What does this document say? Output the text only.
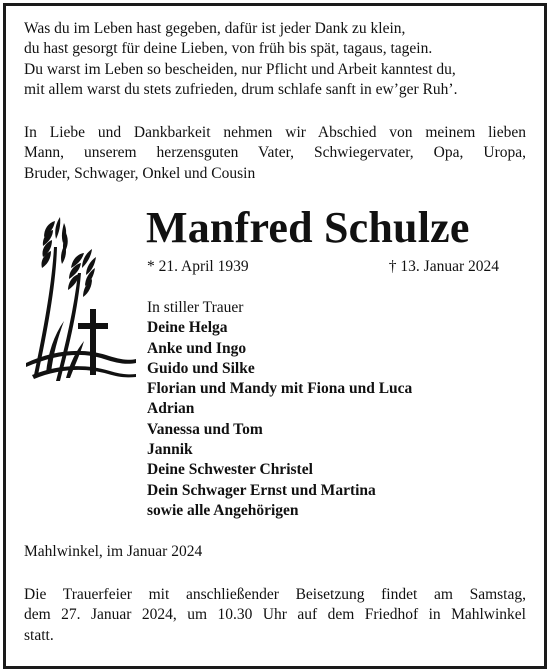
Was du im Leben hast gegeben, dafür ist jeder Dank zu klein,
du hast gesorgt für deine Lieben, von früh bis spät, tagaus, tagein.
Du warst im Leben so bescheiden, nur Pflicht und Arbeit kanntest du,
mit allem warst du stets zufrieden, drum schlafe sanft in ew’ger Ruh’.
In Liebe und Dankbarkeit nehmen wir Abschied von meinem lieben
Mann, unserem herzensguten Vater, Schwiegervater, Opa, Uropa,
Bruder, Schwager, Onkel und Cousin
Manfred Schulze
* 21. April 1939	† 13. Januar 2024
In stiller Trauer
Deine Helga
Anke und Ingo
Guido und Silke
Florian und Mandy mit Fiona und Luca
Adrian
Vanessa und Tom
Jannik
Deine Schwester Christel
Dein Schwager Ernst und Martina
sowie alle Angehörigen
Mahlwinkel, im Januar 2024
Die Trauerfeier mit anschließender Beisetzung findet am Samstag,
dem 27. Januar 2024, um 10.30 Uhr auf dem Friedhof in Mahlwinkel
statt.
